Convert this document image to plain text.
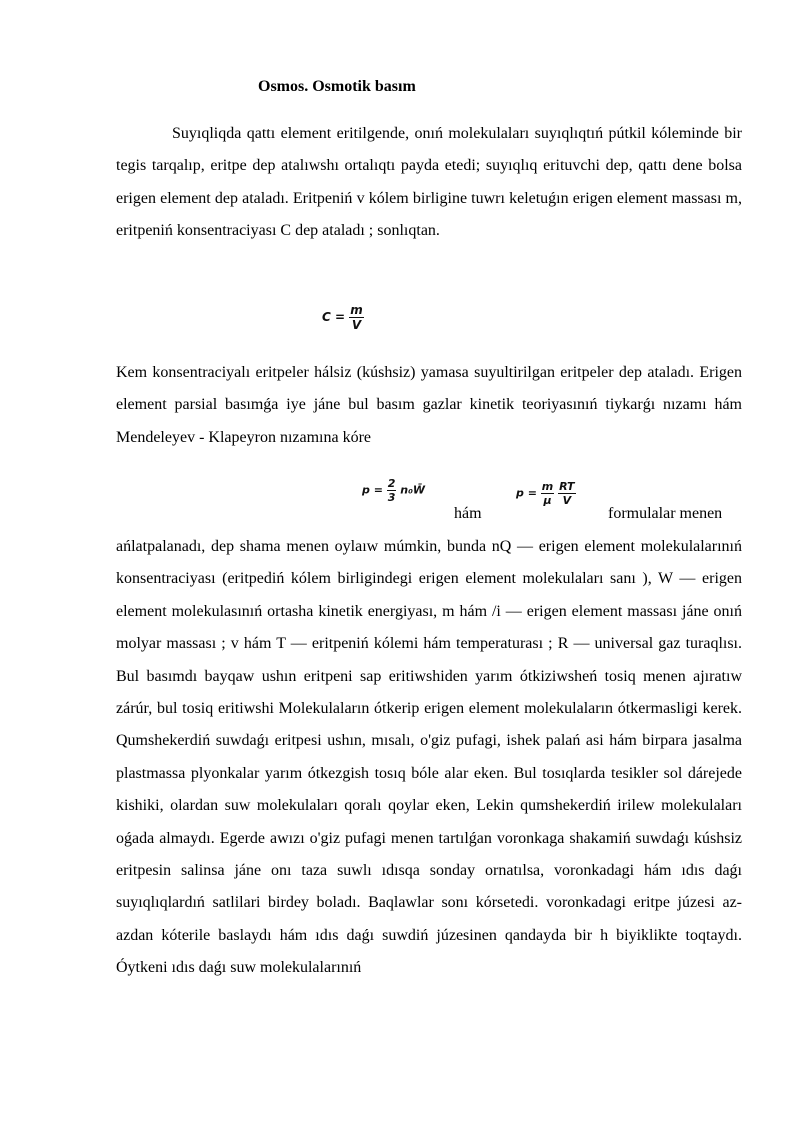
Osmos. Osmotik basım

Suyıqliqda qattı element eritilgende, onıń molekulaları suyıqlıqtıń pútkil kóleminde bir tegis tarqalıp, eritpe dep atalıwshı ortalıqtı payda etedi; suyıqlıq erituvchi dep, qattı dene bolsa erigen element dep ataladı. Eritpeniń v kólem birligine tuwrı keletuǵın erigen element massası m, eritpeniń konsentraciyası C dep ataladı ; sonlıqtan.

$C = \frac{m}{V}$

Kem konsentraciyalı eritpeler hálsiz (kúshsiz) yamasa suyultirilgan eritpeler dep ataladı. Erigen element parsial basımǵa iye jáne bul basım gazlar kinetik teoriyasınıń tiykarǵı nızamı hám Mendeleyev - Klapeyron nızamına kóre

$p = \frac{2}{3}$ n₀W̄
hám
$p = \frac{m}{\mu}$
$\frac{RT}{V}$
formulalar menen

ańlatpalanadı, dep shama menen oylaıw múmkin, bunda nQ — erigen element molekulalarınıń konsentraciyası (eritpediń kólem birligindegi erigen element molekulaları sanı ), W — erigen element molekulasınıń ortasha kinetik energiyası, m hám /i — erigen element massası jáne onıń molyar massası ; v hám T — eritpeniń kólemi hám temperaturası ; R — universal gaz turaqlısı. Bul basımdı bayqaw ushın eritpeni sap eritiwshiden yarım ótkiziwsheń tosiq menen ajıratıw zárúr, bul tosiq eritiwshi Molekulaların ótkerip erigen element molekulaların ótkermasligi kerek. Qumshekerdiń suwdaǵı eritpesi ushın, mısalı, o'giz pufagi, ishek palań asi hám birpara jasalma plastmassa plyonkalar yarım ótkezgish tosıq bóle alar eken. Bul tosıqlarda tesikler sol dárejede kishiki, olardan suw molekulaları qoralı qoylar eken, Lekin qumshekerdiń irilew molekulaları oǵada almaydı. Egerde awızı o'giz pufagi menen tartılǵan voronkaga shakamiń suwdaǵı kúshsiz eritpesin salinsa jáne onı taza suwlı ıdısqa sonday ornatılsa, voronkadagi hám ıdıs daǵı suyıqlıqlardıń satlilari birdey boladı. Baqlawlar sonı kórsetedi. voronkadagi eritpe júzesi az-azdan kóterile baslaydı hám ıdıs daǵı suwdiń júzesinen qandayda bir h biyiklikte toqtaydı. Óytkeni ıdıs daǵı suw molekulalarınıń
